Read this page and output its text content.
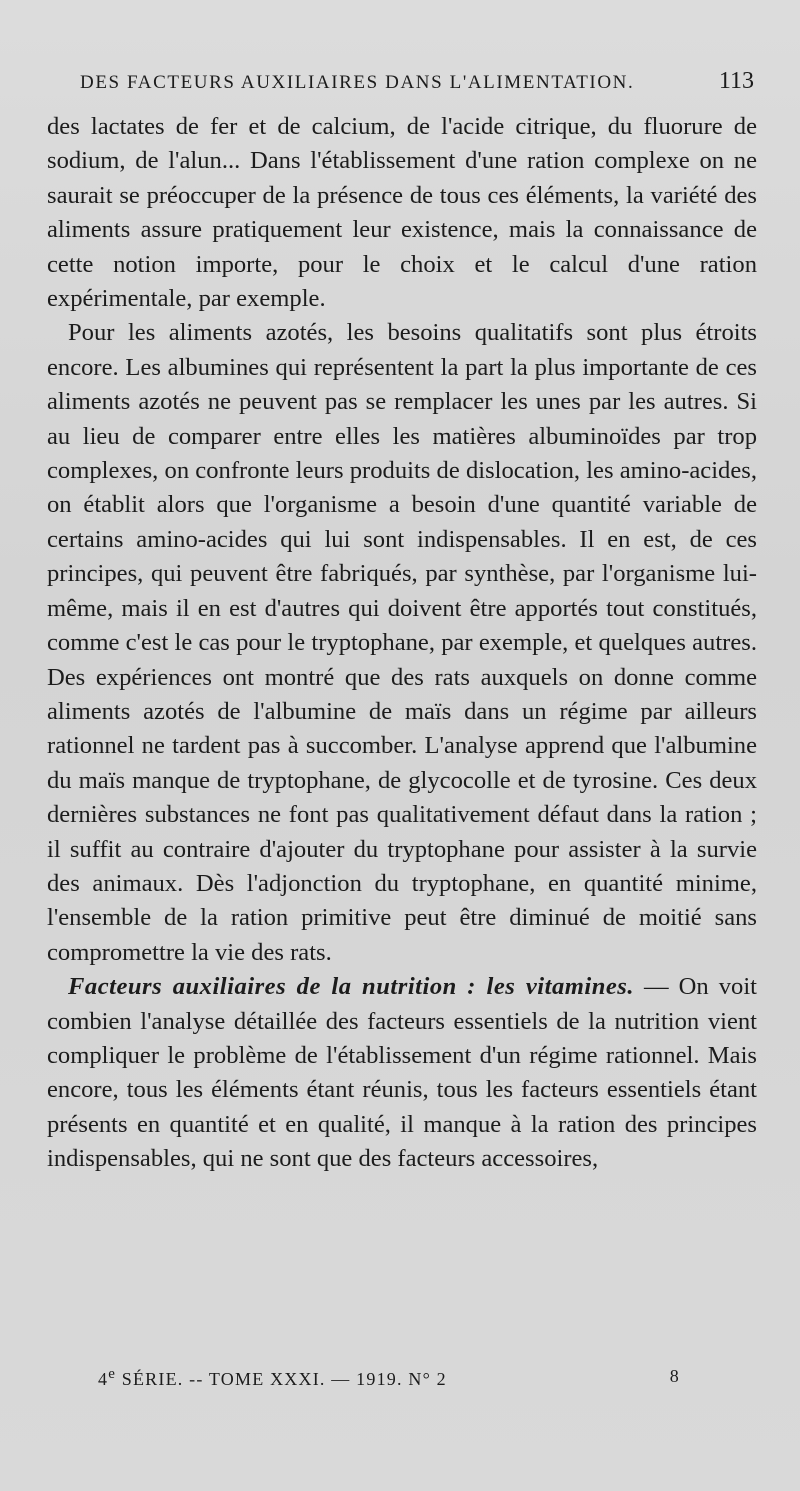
DES FACTEURS AUXILIAIRES DANS L'ALIMENTATION.	113

des lactates de fer et de calcium, de l'acide citrique, du fluorure de sodium, de l'alun... Dans l'établissement d'une ration complexe on ne saurait se préoccuper de la présence de tous ces éléments, la variété des aliments assure pratiquement leur existence, mais la connaissance de cette notion importe, pour le choix et le calcul d'une ration expérimentale, par exemple.

Pour les aliments azotés, les besoins qualitatifs sont plus étroits encore. Les albumines qui représentent la part la plus importante de ces aliments azotés ne peuvent pas se remplacer les unes par les autres. Si au lieu de comparer entre elles les matières albuminoïdes par trop complexes, on confronte leurs produits de dislocation, les amino-acides, on établit alors que l'organisme a besoin d'une quantité variable de certains amino-acides qui lui sont indispensables. Il en est, de ces principes, qui peuvent être fabriqués, par synthèse, par l'organisme lui-même, mais il en est d'autres qui doivent être apportés tout constitués, comme c'est le cas pour le tryptophane, par exemple, et quelques autres. Des expériences ont montré que des rats auxquels on donne comme aliments azotés de l'albumine de maïs dans un régime par ailleurs rationnel ne tardent pas à succomber. L'analyse apprend que l'albumine du maïs manque de tryptophane, de glycocolle et de tyrosine. Ces deux dernières substances ne font pas qualitativement défaut dans la ration ; il suffit au contraire d'ajouter du tryptophane pour assister à la survie des animaux. Dès l'adjonction du tryptophane, en quantité minime, l'ensemble de la ration primitive peut être diminué de moitié sans compromettre la vie des rats.

Facteurs auxiliaires de la nutrition : les vitamines. — On voit combien l'analyse détaillée des facteurs essentiels de la nutrition vient compliquer le problème de l'établissement d'un régime rationnel. Mais encore, tous les éléments étant réunis, tous les facteurs essentiels étant présents en quantité et en qualité, il manque à la ration des principes indispensables, qui ne sont que des facteurs accessoires,

4e SÉRIE. -- TOME XXXI. — 1919. N° 2	8
